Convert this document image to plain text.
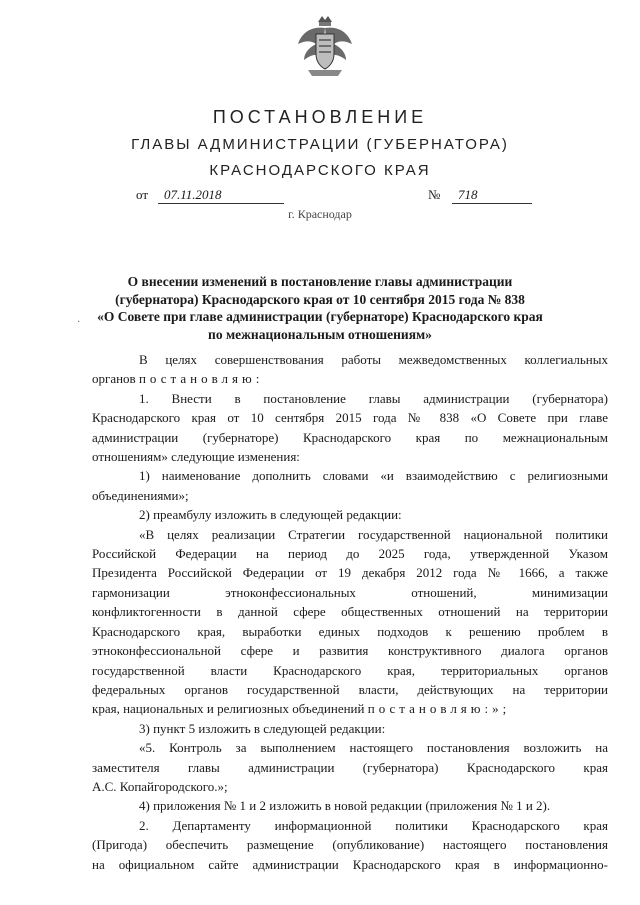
ПОСТАНОВЛЕНИЕ
ГЛАВЫ АДМИНИСТРАЦИИ (ГУБЕРНАТОРА)
КРАСНОДАРСКОГО КРАЯ
от	07.11.2018	№	718
г. Краснодар
·
О внесении изменений в постановление главы администрации
(губернатора) Краснодарского края от 10 сентября 2015 года № 838
«О Совете при главе администрации (губернаторе) Краснодарского края
по межнациональным отношениям»
В целях совершенствования работы межведомственных коллегиальных
органов постановляю:
1. Внести в постановление главы администрации (губернатора)
Краснодарского края от 10 сентября 2015 года № 838 «О Совете при главе
администрации (губернаторе) Краснодарского края по межнациональным
отношениям» следующие изменения:
1) наименование дополнить словами «и взаимодействию с религиозными
объединениями»;
2) преамбулу изложить в следующей редакции:
«В целях реализации Стратегии государственной национальной политики
Российской Федерации на период до 2025 года, утвержденной Указом
Президента Российской Федерации от 19 декабря 2012 года № 1666, а также
гармонизации этноконфессиональных отношений, минимизации
конфликтогенности в данной сфере общественных отношений на территории
Краснодарского края, выработки единых подходов к решению проблем в
этноконфессиональной сфере и развития конструктивного диалога органов
государственной власти Краснодарского края, территориальных органов
федеральных органов государственной власти, действующих на территории
края, национальных и религиозных объединений постановляю:»;
3) пункт 5 изложить в следующей редакции:
«5. Контроль за выполнением настоящего постановления возложить на
заместителя главы администрации (губернатора) Краснодарского края
А.С. Копайгородского.»;
4) приложения № 1 и 2 изложить в новой редакции (приложения № 1 и 2).
2. Департаменту информационной политики Краснодарского края
(Пригода) обеспечить размещение (опубликование) настоящего постановления
на официальном сайте администрации Краснодарского края в информационно-
